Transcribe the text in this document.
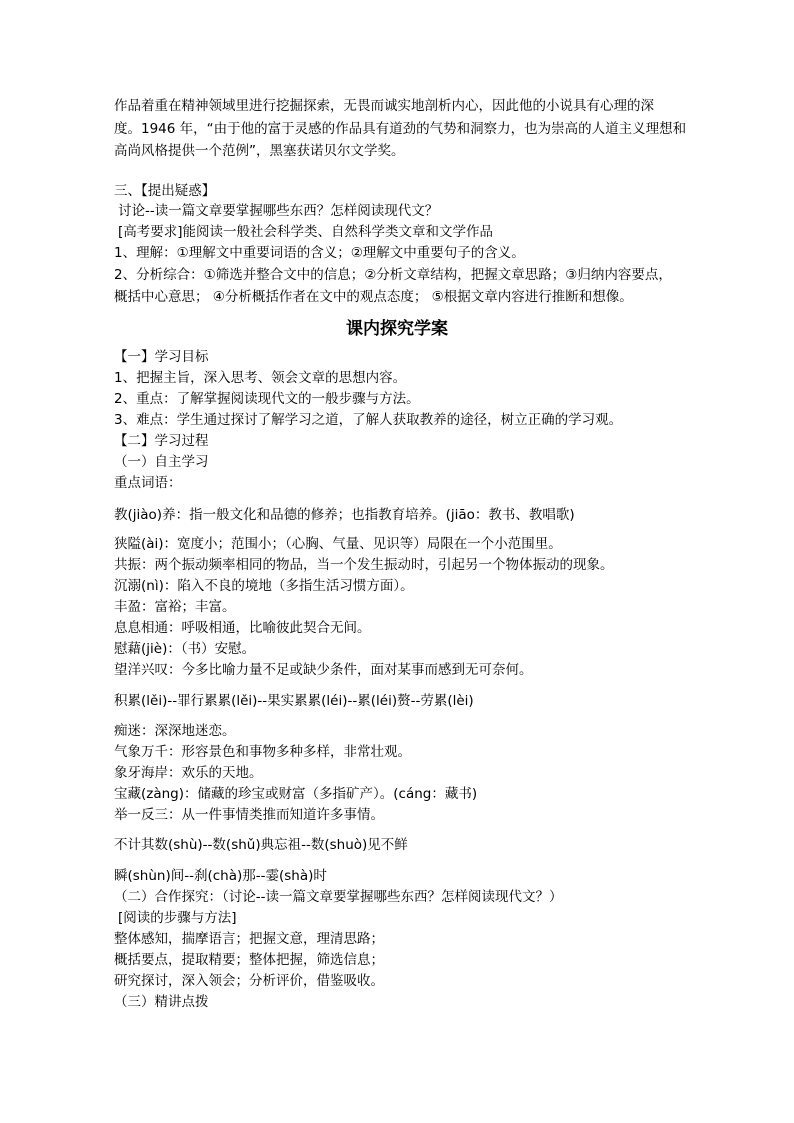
作品着重在精神领域里进行挖掘探索，无畏而诚实地剖析内心，因此他的小说具有心理的深
度。1946 年，“由于他的富于灵感的作品具有道劲的气势和洞察力，也为崇高的人道主义理想和
高尚风格提供一个范例”，黑塞获诺贝尔文学奖。
三、【提出疑惑】
讨论--读一篇文章要掌握哪些东西？怎样阅读现代文？
[高考要求]能阅读一般社会科学类、自然科学类文章和文学作品
1、理解：①理解文中重要词语的含义；②理解文中重要句子的含义。
2、分析综合：①筛选并整合文中的信息；②分析文章结构，把握文章思路；③归纳内容要点，
概括中心意思； ④分析概括作者在文中的观点态度； ⑤根据文章内容进行推断和想像。
课内探究学案
【一】学习目标
1、把握主旨，深入思考、领会文章的思想内容。
2、重点：了解掌握阅读现代文的一般步骤与方法。
3、难点：学生通过探讨了解学习之道，了解人获取教养的途径，树立正确的学习观。
【二】学习过程
（一）自主学习
重点词语：
教(jiào)养：指一般文化和品德的修养；也指教育培养。(jiāo：教书、教唱歌)
狭隘(ài)：宽度小；范围小；（心胸、气量、见识等）局限在一个小范围里。
共振：两个振动频率相同的物品，当一个发生振动时，引起另一个物体振动的现象。
沉溺(nì)：陷入不良的境地（多指生活习惯方面）。
丰盈：富裕；丰富。
息息相通：呼吸相通，比喻彼此契合无间。
慰藉(jiè)：（书）安慰。
望洋兴叹：今多比喻力量不足或缺少条件，面对某事而感到无可奈何。
积累(lěi)--罪行累累(lěi)--果实累累(léi)--累(léi)赘--劳累(lèi)
痴迷：深深地迷恋。
气象万千：形容景色和事物多种多样，非常壮观。
象牙海岸：欢乐的天地。
宝藏(zàng)：储藏的珍宝或财富（多指矿产）。(cáng：藏书)
举一反三：从一件事情类推而知道许多事情。
不计其数(shù)--数(shǔ)典忘祖--数(shuò)见不鲜
瞬(shùn)间--刹(chà)那--霎(shà)时
（二）合作探究：（讨论--读一篇文章要掌握哪些东西？怎样阅读现代文？）
[阅读的步骤与方法]
整体感知，揣摩语言；把握文意，理清思路；
概括要点，提取精要；整体把握，筛选信息；
研究探讨，深入领会；分析评价，借鉴吸收。
（三）精讲点拨
